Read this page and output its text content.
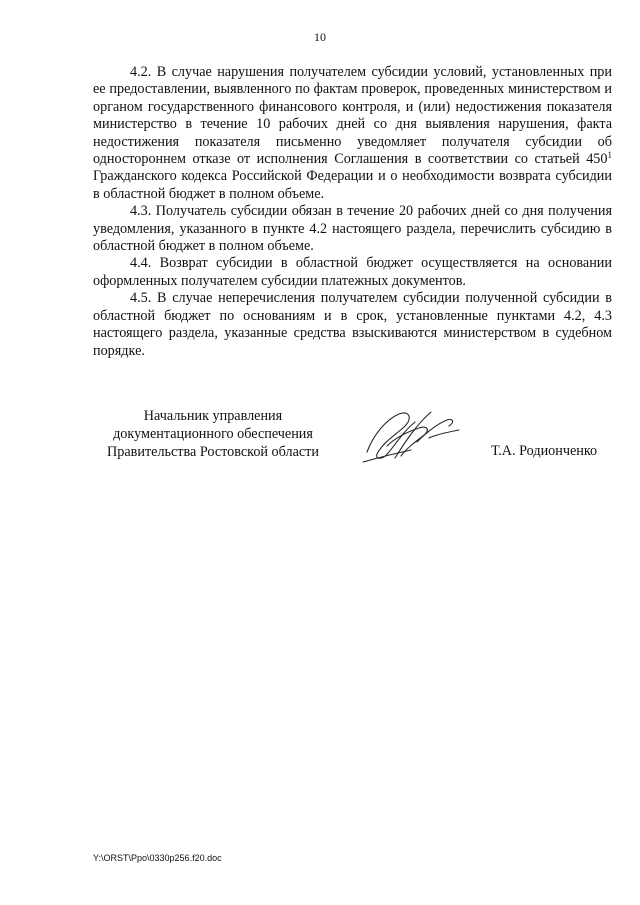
10

4.2. В случае нарушения получателем субсидии условий, установленных при ее предоставлении, выявленного по фактам проверок, проведенных министерством и органом государственного финансового контроля, и (или) недостижения показателя министерство в течение 10 рабочих дней со дня выявления нарушения, факта недостижения показателя письменно уведомляет получателя субсидии об одностороннем отказе от исполнения Соглашения в соответствии со статьей $450^1$ Гражданского кодекса Российской Федерации и о необходимости возврата субсидии в областной бюджет в полном объеме.

4.3. Получатель субсидии обязан в течение 20 рабочих дней со дня получения уведомления, указанного в пункте 4.2 настоящего раздела, перечислить субсидию в областной бюджет в полном объеме.

4.4. Возврат субсидии в областной бюджет осуществляется на основании оформленных получателем субсидии платежных документов.

4.5. В случае неперечисления получателем субсидии полученной субсидии в областной бюджет по основаниям и в срок, установленные пунктами 4.2, 4.3 настоящего раздела, указанные средства взыскиваются министерством в судебном порядке.

Начальник управления
документационного обеспечения
Правительства Ростовской области	Т.А. Родионченко
Y:\ORST\Ppo\0330p256.f20.doc
